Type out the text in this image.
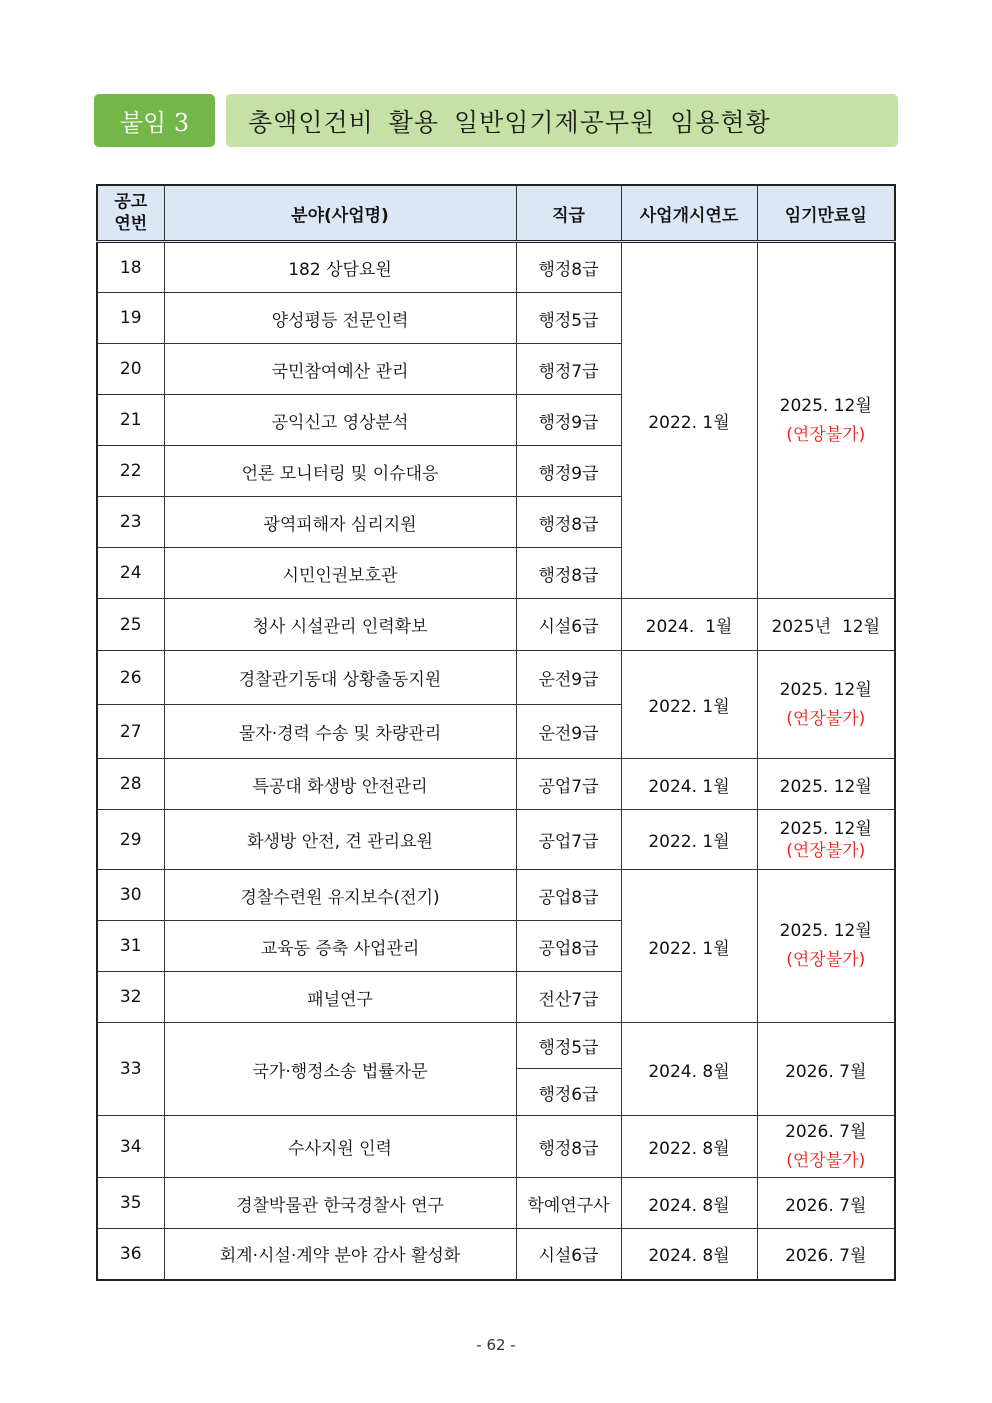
붙임 3	총액인건비 활용 일반임기제공무원 임용현황
공고
연번	분야(사업명)	직급	사업개시연도	임기만료일
18	182 상담요원	행정8급	2022. 1월	2025. 12월
(연장불가)

19	양성평등 전문인력	행정5급		
20	국민참여예산 관리	행정7급		
21	공익신고 영상분석	행정9급		
22	언론 모니터링 및 이슈대응	행정9급		
23	광역피해자 심리지원	행정8급		
24	시민인권보호관	행정8급		
25	청사 시설관리 인력확보	시설6급	2024.  1월	2025년  12월
26	경찰관기동대 상황출동지원	운전9급	2022. 1월	2025. 12월
(연장불가)

27	물자·경력 수송 및 차량관리	운전9급		
28	특공대 화생방 안전관리	공업7급	2024. 1월	2025. 12월
29	화생방 안전, 견 관리요원	공업7급	2022. 1월	2025. 12월
(연장불가)

30	경찰수련원 유지보수(전기)	공업8급	2022. 1월	2025. 12월
(연장불가)

31	교육동 증축 사업관리	공업8급		
32	패널연구	전산7급		
33	국가·행정소송 법률자문	행정5급	2024. 8월	2026. 7월
		행정6급		
34	수사지원 인력	행정8급	2022. 8월	2026. 7월
(연장불가)

35	경찰박물관 한국경찰사 연구	학예연구사	2024. 8월	2026. 7월
36	회계·시설·계약 분야 감사 활성화	시설6급	2024. 8월	2026. 7월
- 62 -
